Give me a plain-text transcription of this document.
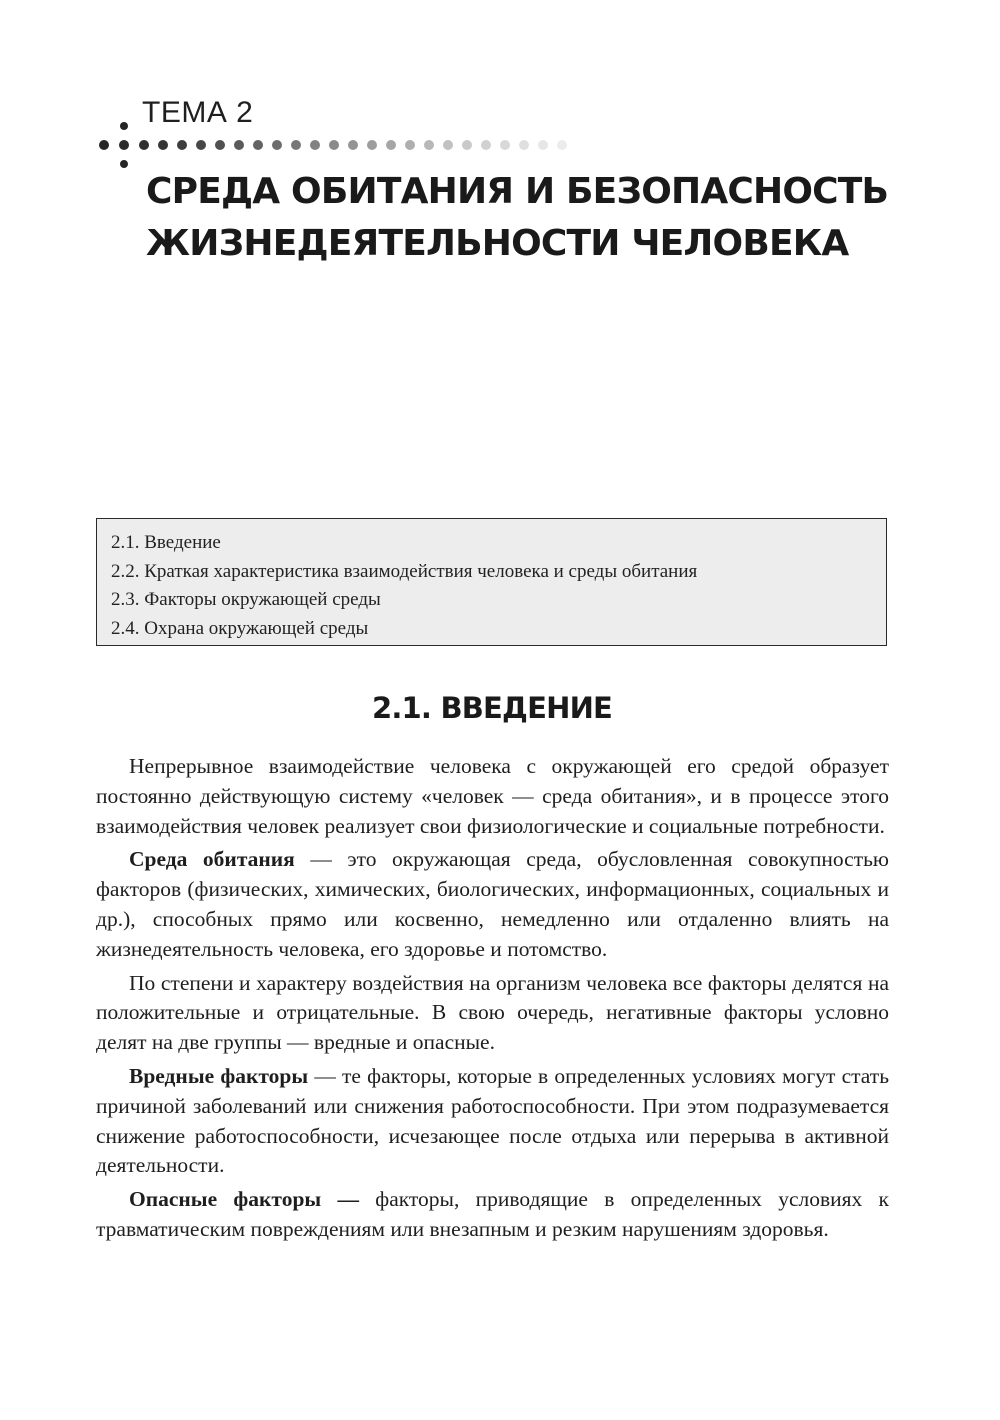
ТЕМА 2
СРЕДА ОБИТАНИЯ И БЕЗОПАСНОСТЬ
ЖИЗНЕДЕЯТЕЛЬНОСТИ ЧЕЛОВЕКА
2.1. Введение
2.2. Краткая характеристика взаимодействия человека и среды обитания
2.3. Факторы окружающей среды
2.4. Охрана окружающей среды
2.1. ВВЕДЕНИЕ

Непрерывное взаимодействие человека с окружающей его средой образует постоянно действующую систему «человек — среда обитания», и в процессе этого взаимодействия человек реализует свои физиологические и социальные потребности.

Среда обитания — это окружающая среда, обусловленная совокупностью факторов (физических, химических, биологических, информационных, социальных и др.), способных прямо или косвенно, немедленно или отдаленно влиять на жизнедеятельность человека, его здоровье и потомство.

По степени и характеру воздействия на организм человека все факторы делятся на положительные и отрицательные. В свою очередь, негативные факторы условно делят на две группы — вредные и опасные.

Вредные факторы — те факторы, которые в определенных условиях могут стать причиной заболеваний или снижения работоспособности. При этом подразумевается снижение работоспособности, исчезающее после отдыха или перерыва в активной деятельности.

Опасные факторы — факторы, приводящие в определенных условиях к травматическим повреждениям или внезапным и резким нарушениям здоровья.
